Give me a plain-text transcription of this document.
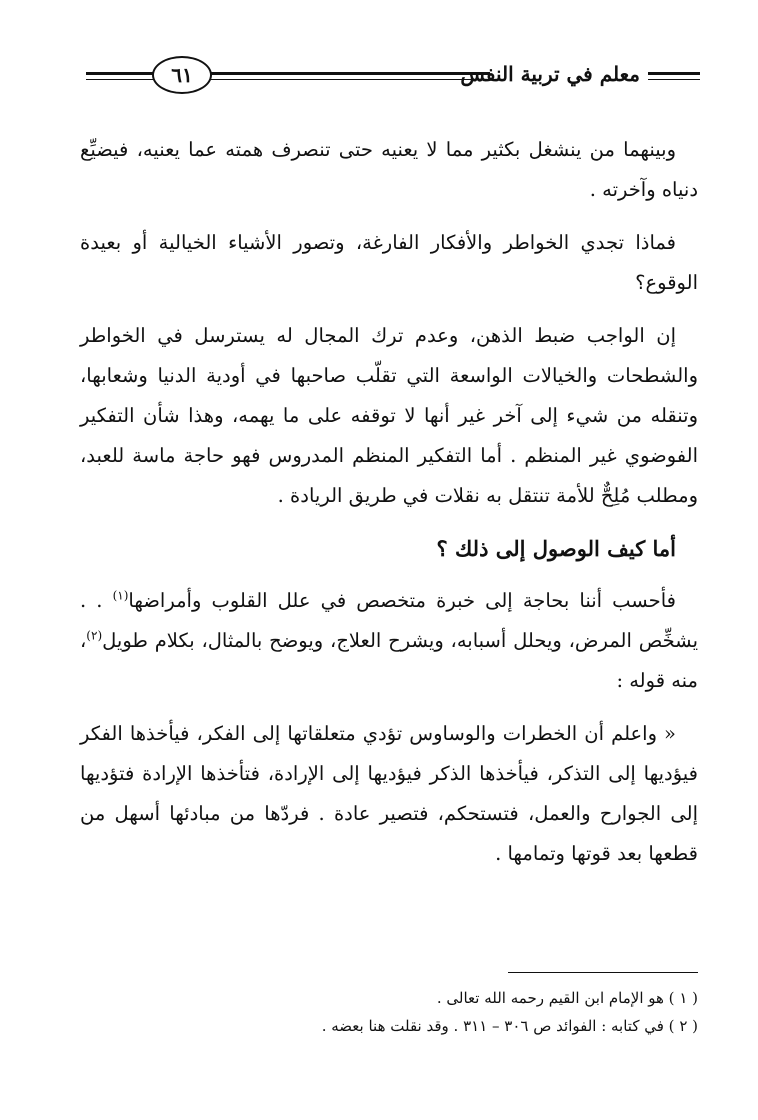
معلم في تربية النفس
٦١

وبينهما من ينشغل بكثير مما لا يعنيه حتى تنصرف همته عما يعنيه، فيضيِّع دنياه وآخرته .

فماذا تجدي الخواطر والأفكار الفارغة، وتصور الأشياء الخيالية أو بعيدة الوقوع؟

إن الواجب ضبط الذهن، وعدم ترك المجال له يسترسل في الخواطر والشطحات والخيالات الواسعة التي تقلّب صاحبها في أودية الدنيا وشعابها، وتنقله من شيء إلى آخر غير أنها لا توقفه على ما يهمه، وهذا شأن التفكير الفوضوي غير المنظم . أما التفكير المنظم المدروس فهو حاجة ماسة للعبد، ومطلب مُلِحٌّ للأمة تنتقل به نقلات في طريق الريادة .

أما كيف الوصول إلى ذلك ؟

فأحسب أننا بحاجة إلى خبرة متخصص في علل القلوب وأمراضها$^{(١)}$ . . يشخِّص المرض، ويحلل أسبابه، ويشرح العلاج، ويوضح بالمثال، بكلام طويل$^{(٢)}$، منه قوله :

« واعلم أن الخطرات والوساوس تؤدي متعلقاتها إلى الفكر، فيأخذها الفكر فيؤديها إلى التذكر، فيأخذها الذكر فيؤديها إلى الإرادة، فتأخذها الإرادة فتؤديها إلى الجوارح والعمل، فتستحكم، فتصير عادة . فردّها من مبادئها أسهل من قطعها بعد قوتها وتمامها .

( ١ ) هو الإمام ابن القيم رحمه الله تعالى .
( ٢ ) في كتابه : الفوائد ص ٣٠٦ – ٣١١ . وقد نقلت هنا بعضه .
